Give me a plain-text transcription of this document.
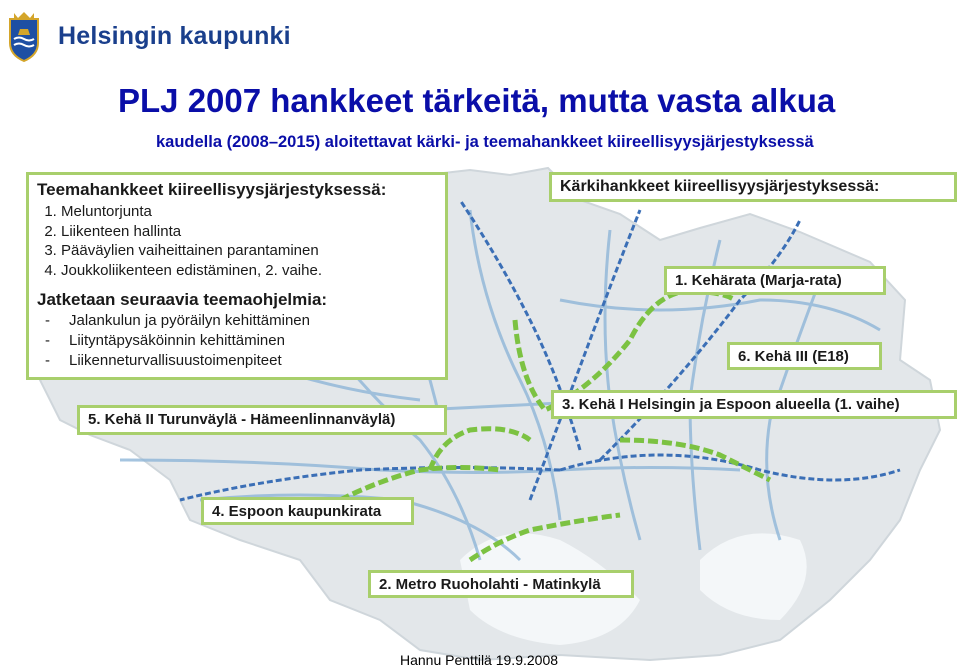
Helsingin kaupunki
PLJ 2007 hankkeet tärkeitä, mutta vasta alkua
kaudella (2008–2015) aloitettavat kärki- ja teemahankkeet kiireellisyysjärjestyksessä
Teemahankkeet kiireellisyysjärjestyksessä:
1. Meluntorjunta
2. Liikenteen hallinta
3. Pääväylien vaiheittainen parantaminen
4. Joukkoliikenteen edistäminen, 2. vaihe.
Jatketaan seuraavia teemaohjelmia:
- Jalankulun ja pyöräilyn kehittäminen
- Liityntäpysäköinnin kehittäminen
- Liikenneturvallisuustoimenpiteet
Kärkihankkeet kiireellisyysjärjestyksessä:
1. Kehärata (Marja-rata)
6. Kehä III (E18)
3. Kehä I Helsingin ja Espoon alueella (1. vaihe)
5. Kehä II Turunväylä - Hämeenlinnanväylä)
4. Espoon kaupunkirata
2. Metro Ruoholahti - Matinkylä
Hannu Penttilä 19.9.2008
